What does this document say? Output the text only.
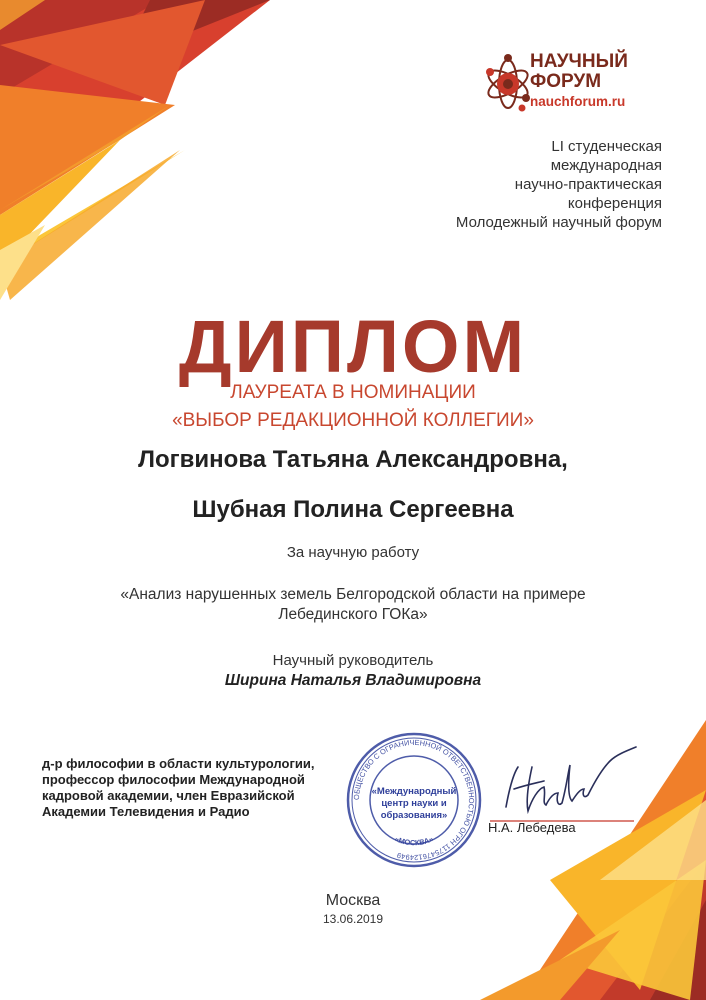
НАУЧНЫЙ
ФОРУМ
nauchforum.ru
LI студенческая
международная
научно-практическая
конференция
Молодежный научный форум
ДИПЛОМ
ЛАУРЕАТА В НОМИНАЦИИ
«ВЫБОР РЕДАКЦИОННОЙ КОЛЛЕГИИ»
Логвинова Татьяна Александровна,
Шубная Полина Сергеевна
За научную работу
«Анализ нарушенных земель Белгородской области на примере
Лебединского ГОКа»
Научный руководитель
Ширина Наталья Владимировна
д-р философии в области культурологии,
профессор философии Международной
кадровой академии, член Евразийской
Академии Телевидения и Радио
ОБЩЕСТВО С ОГРАНИЧЕННОЙ ОТВЕТСТВЕННОСТЬЮ ОГРН 1175476124949
«МОСКВА»
«Международный
центр науки и
образования»
Н.А. Лебедева
Москва
13.06.2019
